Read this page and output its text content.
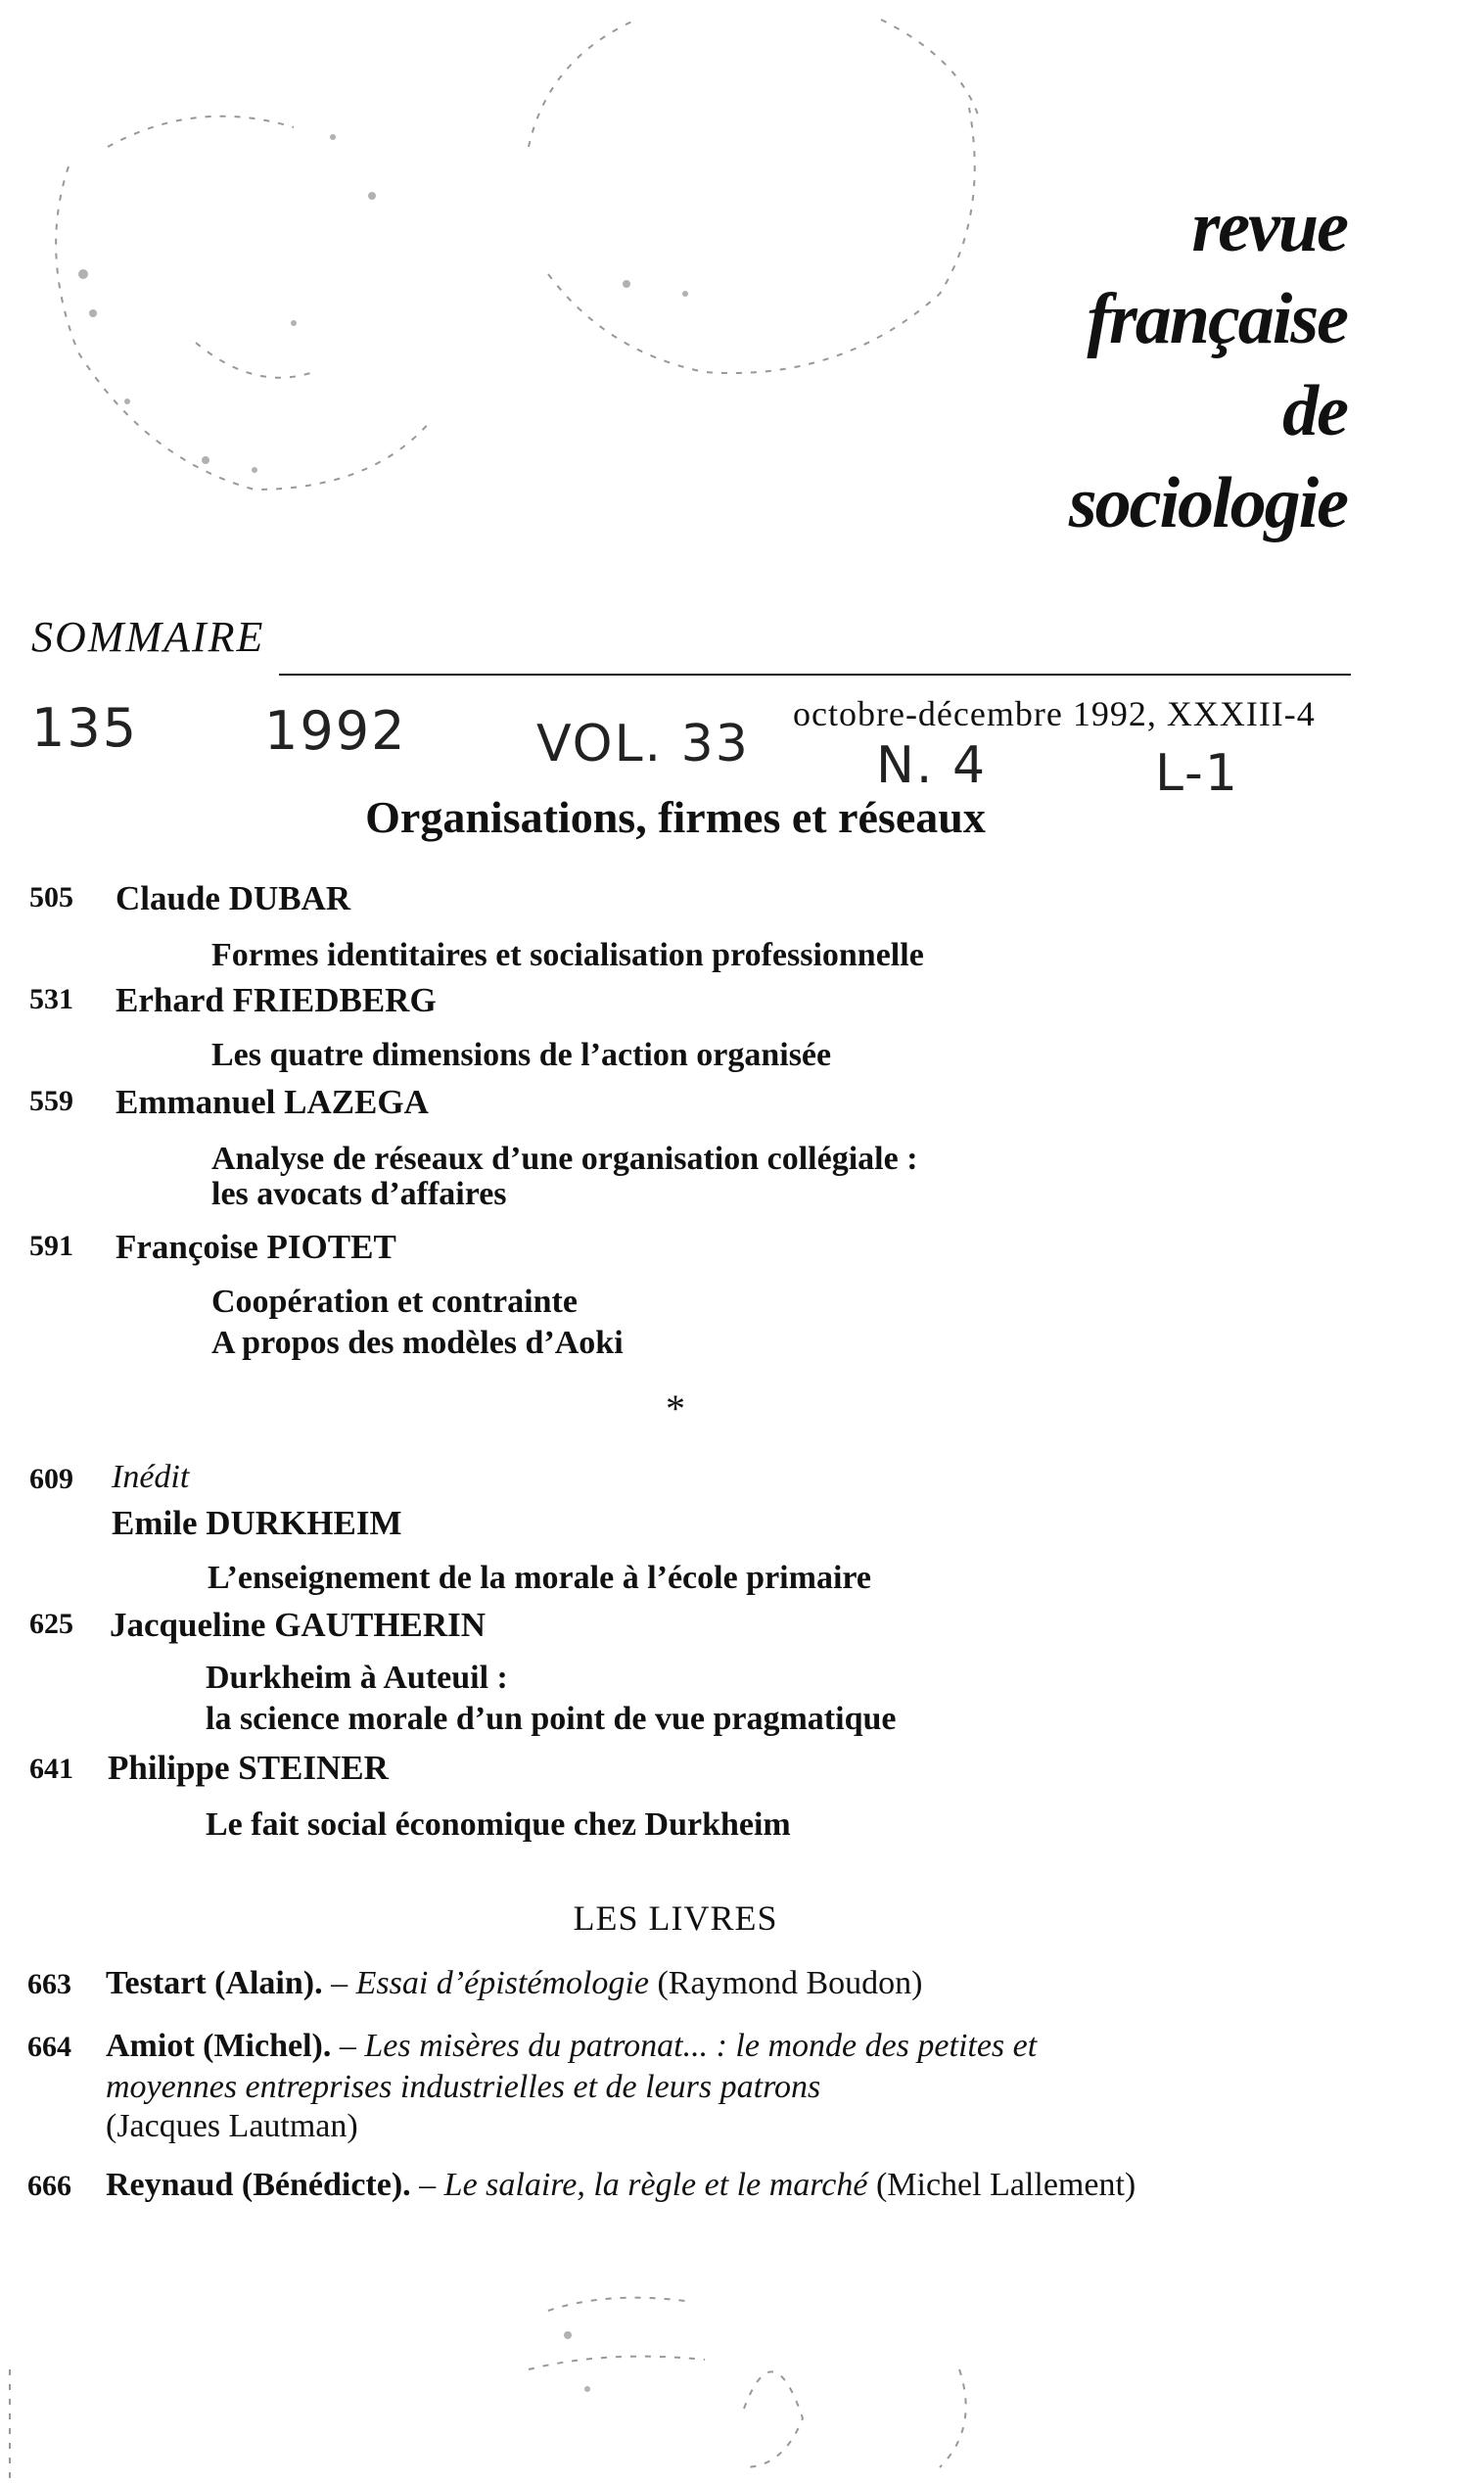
revue
française
de
sociologie
SOMMAIRE
135 1992	VOL. 33 N. 4	L-1
octobre-décembre 1992, XXXIII-4
Organisations, firmes et réseaux
505 Claude DUBAR
Formes identitaires et socialisation professionnelle
531 Erhard FRIEDBERG
Les quatre dimensions de l’action organisée
559 Emmanuel LAZEGA
Analyse de réseaux d’une organisation collégiale :
les avocats d’affaires
591 Françoise PIOTET
Coopération et contrainte
A propos des modèles d’Aoki
*
609 Inédit
Emile DURKHEIM
L’enseignement de la morale à l’école primaire
625 Jacqueline GAUTHERIN
Durkheim à Auteuil :
la science morale d’un point de vue pragmatique
641 Philippe STEINER
Le fait social économique chez Durkheim
LES LIVRES
663 Testart (Alain). – Essai d’épistémologie (Raymond Boudon)
664 Amiot (Michel). – Les misères du patronat... : le monde des petites et
moyennes entreprises industrielles et de leurs patrons
(Jacques Lautman)
666 Reynaud (Bénédicte). – Le salaire, la règle et le marché (Michel Lallement)
